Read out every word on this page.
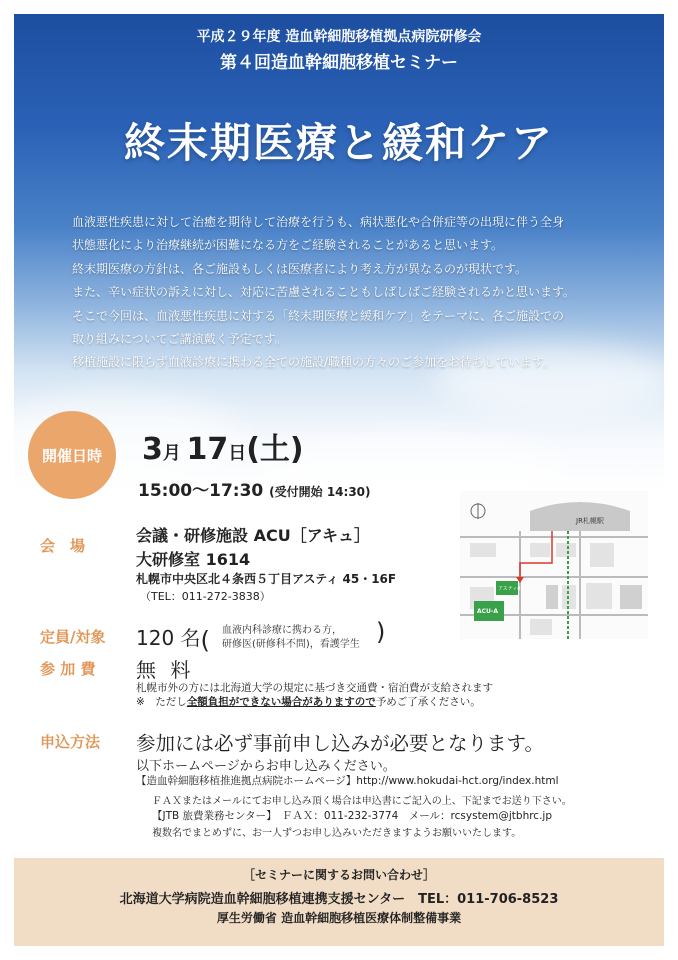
平成２９年度 造血幹細胞移植拠点病院研修会
第４回造血幹細胞移植セミナー
終末期医療と緩和ケア
血液悪性疾患に対して治癒を期待して治療を行うも、病状悪化や合併症等の出現に伴う全身
状態悪化により治療継続が困難になる方をご経験されることがあると思います。
終末期医療の方針は、各ご施設もしくは医療者により考え方が異なるのが現状です。
また、辛い症状の訴えに対し、対応に苦慮されることもしばしばご経験されるかと思います。
そこで今回は、血液悪性疾患に対する「終末期医療と緩和ケア」をテーマに、各ご施設での
取り組みについてご講演戴く予定です。
移植施設に限らず血液診療に携わる全ての施設/職種の方々のご参加をお待ちしています。
開催日時 3月 17日(土)
15:00〜17:30 (受付開始 14:30)
会　場
会議・研修施設 ACU［アキュ］
大研修室 1614
札幌市中央区北４条西５丁目アスティ 45・16F
（TEL：011-272-3838）
JR札幌駅
アスティ45
ACU-A
定員/対象 120 名( 血液内科診療に携わる方，
研修医(研修科不問)，看護学生 )
参 加 費 無 料
札幌市外の方には北海道大学の規定に基づき交通費・宿泊費が支給されます
※　ただし全額負担ができない場合がありますので予めご了承ください。
申込方法 参加には必ず事前申し込みが必要となります。
以下ホームページからお申し込みください。
【造血幹細胞移植推進拠点病院ホームページ】http://www.hokudai-hct.org/index.html
ＦＡＸまたはメールにてお申し込み頂く場合は申込書にご記入の上、下記までお送り下さい。
【JTB 旅費業務センター】　ＦＡＸ：011-232-3774　メール：rcsystem@jtbhrc.jp
複数名でまとめずに、お一人ずつお申し込みいただきますようお願いいたします。
［セミナーに関するお問い合わせ］
北海道大学病院造血幹細胞移植連携支援センター　TEL：011-706-8523
厚生労働省 造血幹細胞移植医療体制整備事業
